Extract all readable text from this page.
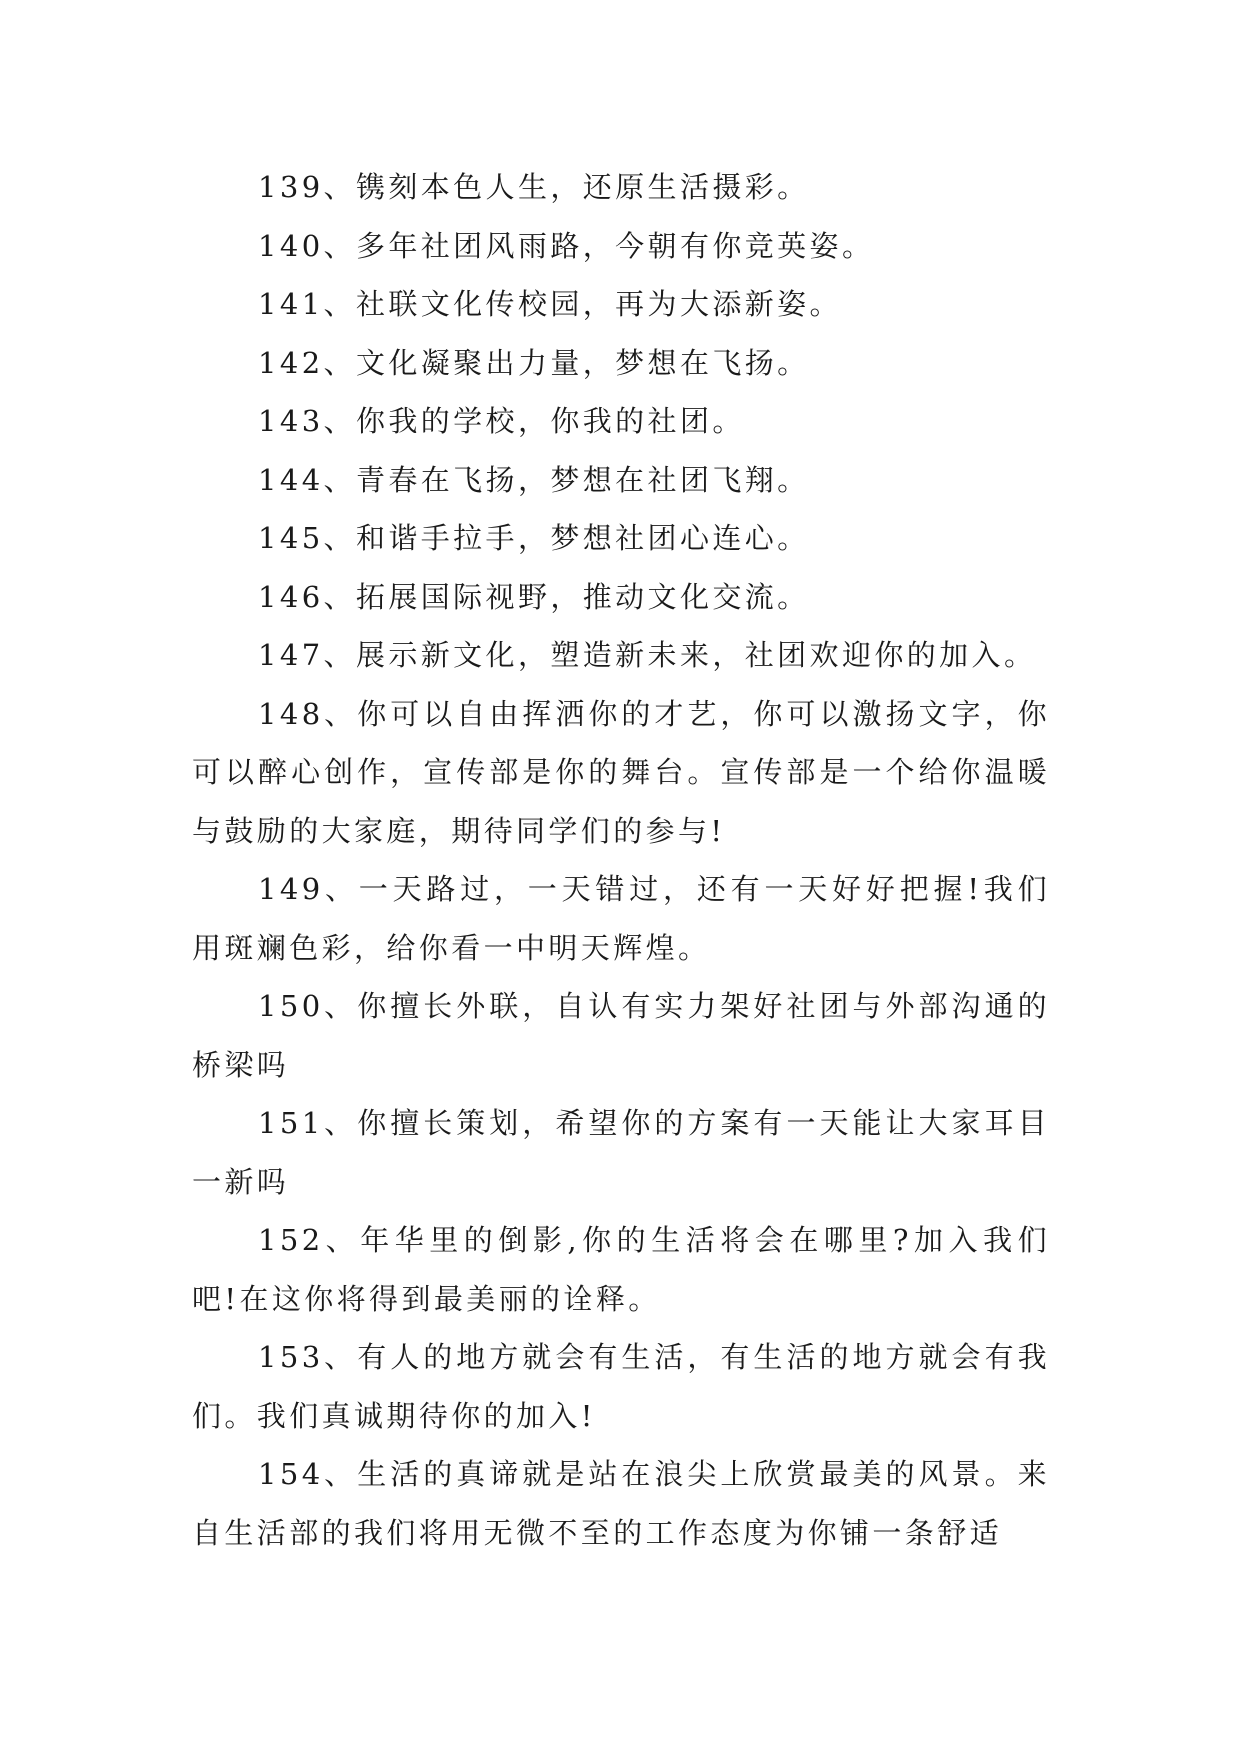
139、镌刻本色人生，还原生活摄彩。

140、多年社团风雨路，今朝有你竞英姿。

141、社联文化传校园，再为大添新姿。

142、文化凝聚出力量，梦想在飞扬。

143、你我的学校，你我的社团。

144、青春在飞扬，梦想在社团飞翔。

145、和谐手拉手，梦想社团心连心。

146、拓展国际视野，推动文化交流。

147、展示新文化，塑造新未来，社团欢迎你的加入。

148、你可以自由挥洒你的才艺，你可以激扬文字，你可以醉心创作，宣传部是你的舞台。宣传部是一个给你温暖与鼓励的大家庭，期待同学们的参与!

149、一天路过，一天错过，还有一天好好把握!我们用斑斓色彩，给你看一中明天辉煌。

150、你擅长外联，自认有实力架好社团与外部沟通的桥梁吗

151、你擅长策划，希望你的方案有一天能让大家耳目一新吗

152、年华里的倒影,你的生活将会在哪里?加入我们吧!在这你将得到最美丽的诠释。

153、有人的地方就会有生活，有生活的地方就会有我们。我们真诚期待你的加入!

154、生活的真谛就是站在浪尖上欣赏最美的风景。来自生活部的我们将用无微不至的工作态度为你铺一条舒适
